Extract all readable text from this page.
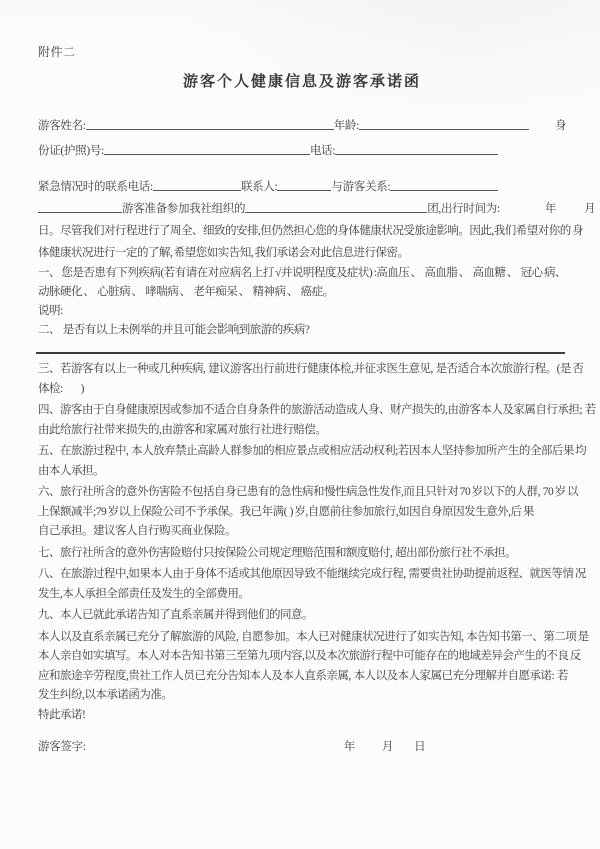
附件二
游客个人健康信息及游客承诺函
游客姓名:	年龄:	身
份证(护照)号:	电话:
紧急情况时的联系电话:	联系人:	与游客关系:
游客准备参加我社组织的	团,出行时间为:	年 月
日。尽管我们对行程进行了周全、细致的安排,但仍然担心您的身体健康状况受旅途影响。因此,我们希望对你的 身
体健康状况进行一定的了解, 希望您如实告知, 我们承诺会对此信息进行保密。
一、 您是否患有下列疾病(若有请在对应病名上打 √并说明程度及症状) :高血压 、  高血脂 、  高血糖 、  冠心 病、
动脉硬化 、  心脏病 、  哮喘病 、  老年痴呆 、  精神病 、  癌症。
说明:
二、  是否有以上未例举的并且可能会影响到旅游的疾病?
三、若游客有以上一种或几种疾病,  建议游客出行前进行健康体检,并征求医生意见,  是否适合本次旅游行程。(是 否
体检:             )
四、游客由于自身健康原因或参加不适合自身条件的旅游活动造成人身、财产损失的,由游客本人及家属自行承担;  若
由此给旅行社带来损失的,由游客和家属对旅行社进行赔偿。
五、在旅游过程中,  本人放弃禁止高龄人群参加的相应景点或相应活动权利;若因本人坚持参加所产生的全部后果 均
由本人承担。
六、旅行社所含的意外伤害险不包括自身已患有的急性病和慢性病急性发作,而且只针对 70 岁以下的人群,  70 岁 以
上保额减半;79 岁以上保险公司不予承保。我已年满(  ) 岁,自愿前往参加旅行,如因自身原因发生意外,后 果
自己承担。建议客人自行购买商业保险。
七、旅行社所含的意外伤害险赔付只按保险公司规定理赔范围和额度赔付,  超出部份旅行社不承担。
八、在旅游过程中,如果本人由于身体不适或其他原因导致不能继续完成行程,  需要贵社协助提前返程、就医等情 况
发生,本人承担全部责任及发生的全部费用。
九、本人已就此承诺告知了直系亲属并得到他们的同意。
本人以及直系亲属已充分了解旅游的风险,  自愿参加。本人已对健康状况进行了如实告知,  本告知书第一、第二项 是
本人亲自如实填写。本人对本告知书第三至第九项内容,以及本次旅游行程中可能存在的地域差异会产生的不良 反
应和旅途辛劳程度,贵社工作人员已充分告知本人及本人直系亲属,  本人以及本人家属已充分理解并自愿承诺:  若
发生纠纷,以本承诺函为准。
特此承诺!
游客签字:	年 月 日
